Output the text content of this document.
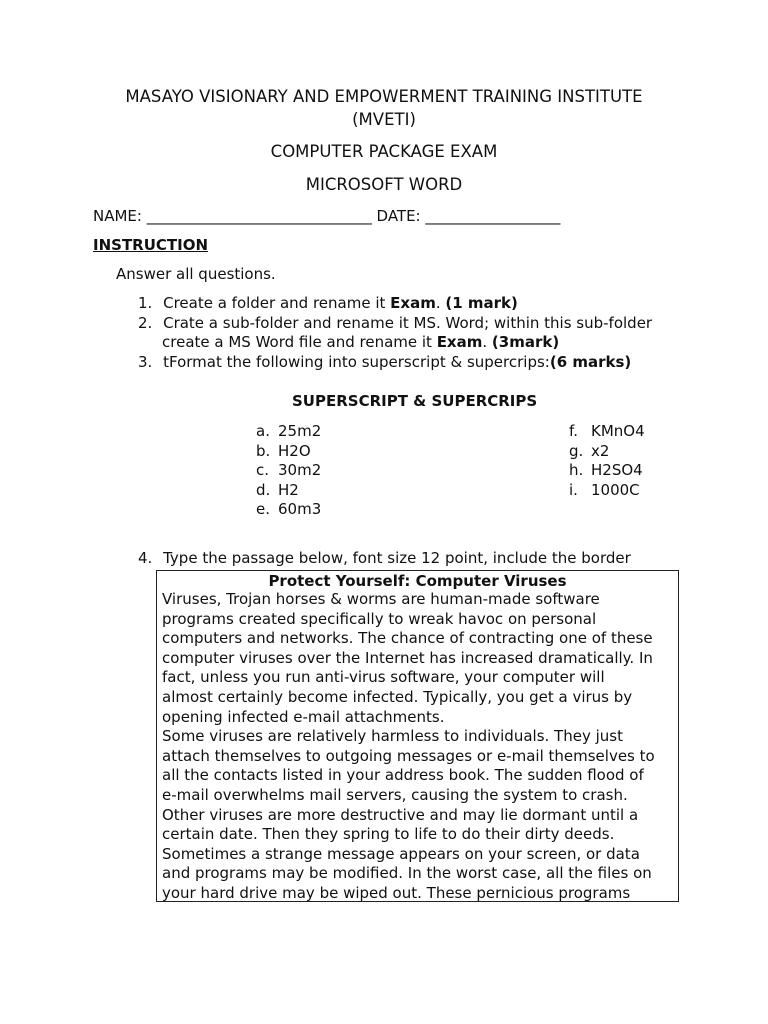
MASAYO VISIONARY AND EMPOWERMENT TRAINING INSTITUTE
(MVETI)
COMPUTER PACKAGE EXAM
MICROSOFT WORD
NAME: ______________________________ DATE: __________________
INSTRUCTION
Answer all questions.
1. Create a folder and rename it Exam. (1 mark)
2. Crate a sub-folder and rename it MS. Word; within this sub-folder
create a MS Word file and rename it Exam. (3mark)
3. tFormat the following into superscript & supercrips:(6 marks)
SUPERSCRIPT & SUPERCRIPS
a. 25m2
b. H2O
c. 30m2
d. H2
e. 60m3
f. KMnO4
g. x2
h. H2SO4
i. 1000C
4. Type the passage below, font size 12 point, include the border
Protect Yourself: Computer Viruses
Viruses, Trojan horses & worms are human-made software
programs created specifically to wreak havoc on personal
computers and networks. The chance of contracting one of these
computer viruses over the Internet has increased dramatically. In
fact, unless you run anti-virus software, your computer will
almost certainly become infected. Typically, you get a virus by
opening infected e-mail attachments.
Some viruses are relatively harmless to individuals. They just
attach themselves to outgoing messages or e-mail themselves to
all the contacts listed in your address book. The sudden flood of
e-mail overwhelms mail servers, causing the system to crash.
Other viruses are more destructive and may lie dormant until a
certain date. Then they spring to life to do their dirty deeds.
Sometimes a strange message appears on your screen, or data
and programs may be modified. In the worst case, all the files on
your hard drive may be wiped out. These pernicious programs
